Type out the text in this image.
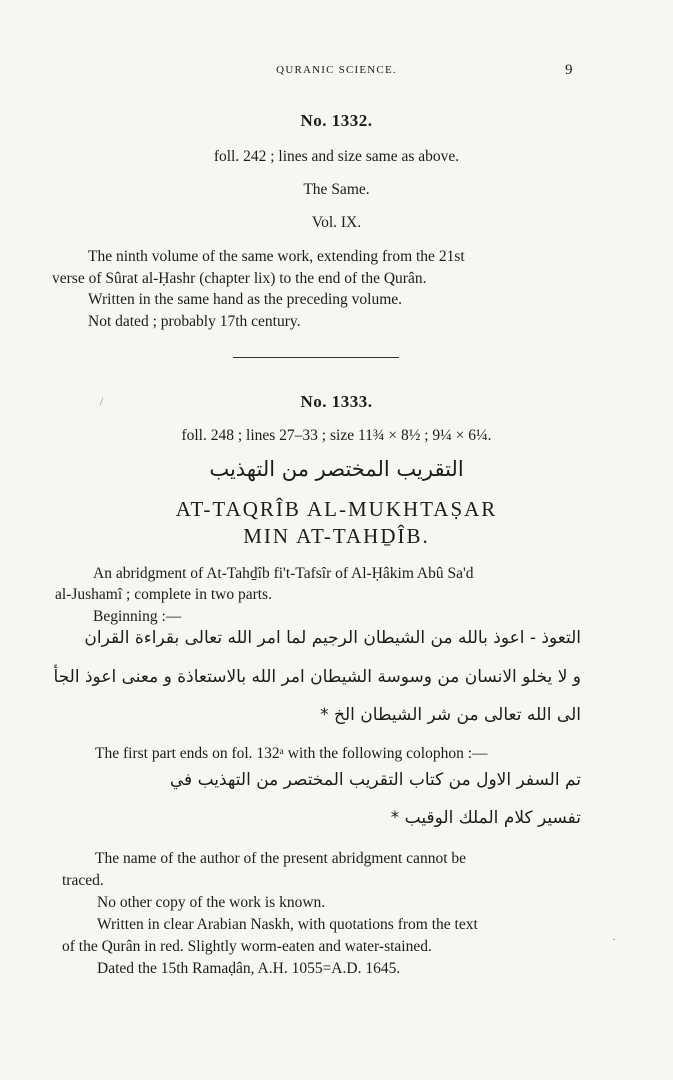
QURANIC SCIENCE.	9
No. 1332.
foll. 242 ; lines and size same as above.
The Same.
Vol. IX.
The ninth volume of the same work, extending from the 21st
verse of Sûrat al-Ḥashr (chapter lix) to the end of the Qurân.
Written in the same hand as the preceding volume.
Not dated ; probably 17th century.
/	No. 1333.
foll. 248 ; lines 27–33 ; size 11¾ × 8½ ; 9¼ × 6¼.
التقريب المختصر من التهذيب
AT-TAQRÎB AL-MUKHTAṢAR
MIN AT-TAHḎÎB.
An abridgment of At-Tahḏîb fi't-Tafsîr of Al-Ḥâkim Abû Sa'd
al-Jushamî ; complete in two parts.
Beginning :—
التعوذ - اعوذ بالله من الشيطان الرجيم لما امر الله تعالى بقراءة القران
و لا يخلو الانسان من وسوسة الشيطان امر الله بالاستعاذة و معنى اعوذ الجأ
الى الله تعالى من شر الشيطان الخ *
The first part ends on fol. 132ᵃ with the following colophon :—
تم السفر الاول من كتاب التقريب المختصر من التهذيب في
تفسير كلام الملك الوقيب *
The name of the author of the present abridgment cannot be
traced.
No other copy of the work is known.
Written in clear Arabian Naskh, with quotations from the text
of the Qurân in red. Slightly worm-eaten and water-stained.
Dated the 15th Ramaḍân, A.H. 1055=A.D. 1645.
·
